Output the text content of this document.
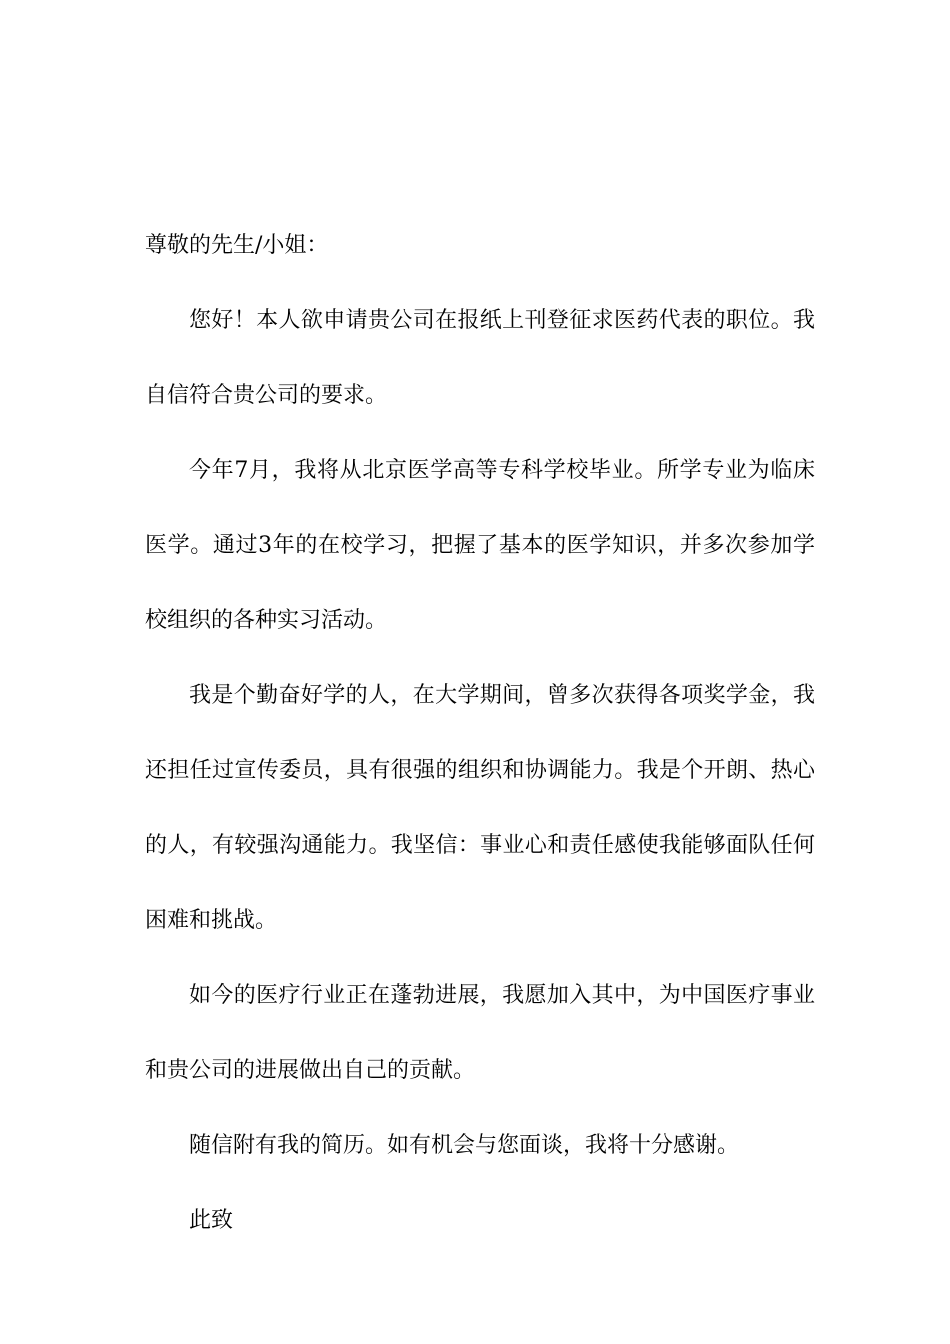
尊敬的先生/小姐：

您好！本人欲申请贵公司在报纸上刊登征求医药代表的职位。我自信符合贵公司的要求。

今年7月，我将从北京医学高等专科学校毕业。所学专业为临床医学。通过3年的在校学习，把握了基本的医学知识，并多次参加学校组织的各种实习活动。

我是个勤奋好学的人，在大学期间，曾多次获得各项奖学金，我还担任过宣传委员，具有很强的组织和协调能力。我是个开朗、热心的人，有较强沟通能力。我坚信：事业心和责任感使我能够面队任何困难和挑战。

如今的医疗行业正在蓬勃进展，我愿加入其中，为中国医疗事业和贵公司的进展做出自己的贡献。

随信附有我的简历。如有机会与您面谈，我将十分感谢。

此致
